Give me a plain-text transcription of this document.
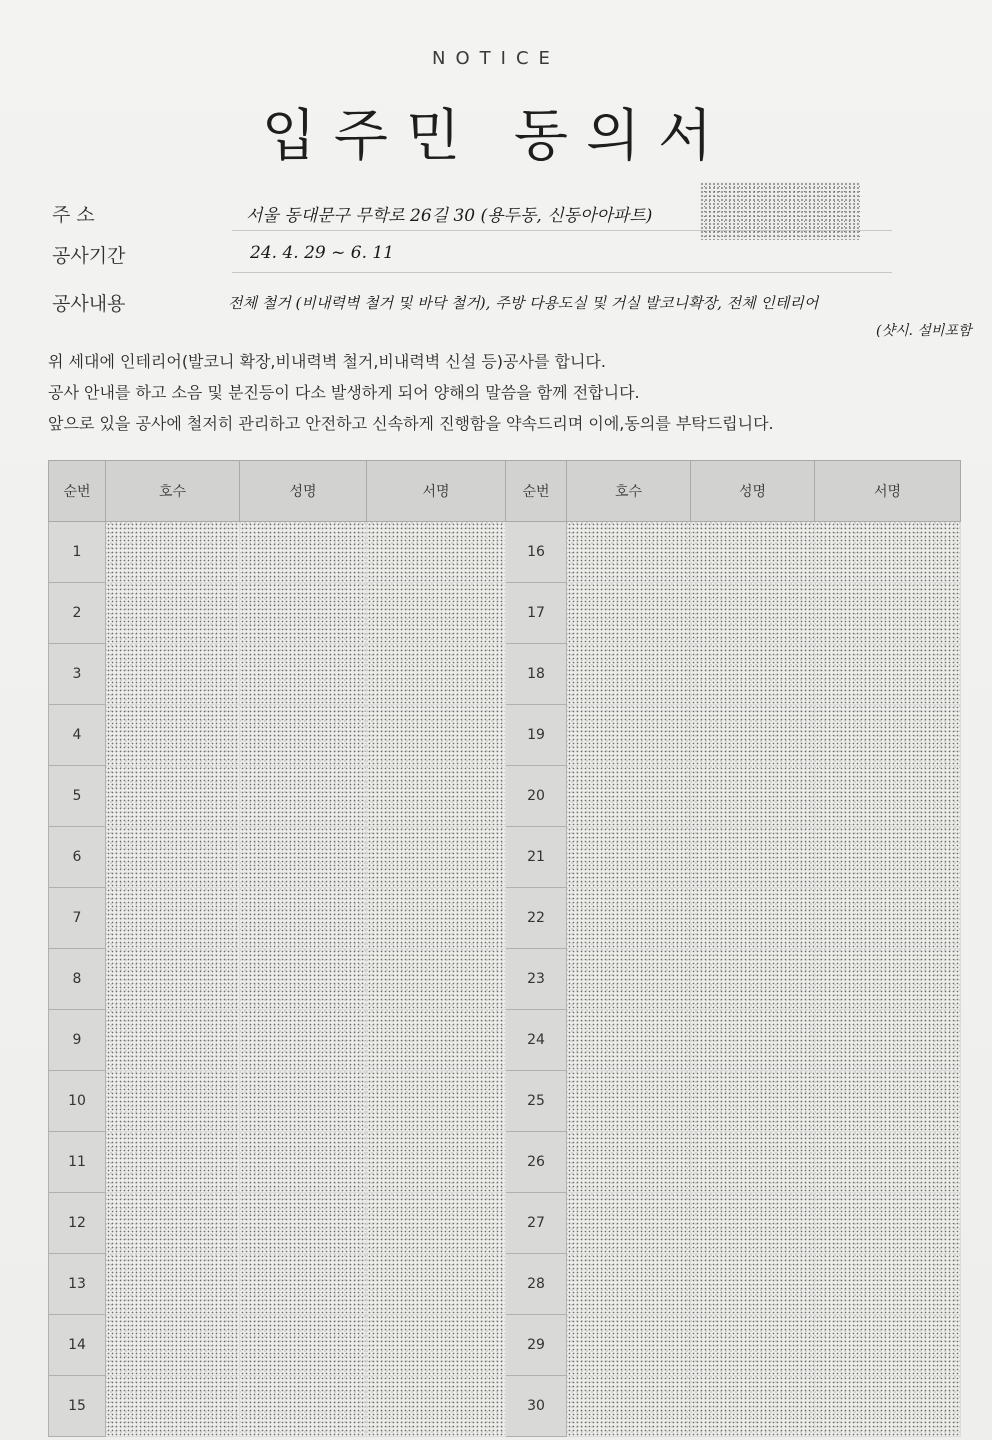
NOTICE
입주민 동의서
주 소	서울 동대문구 무학로 26길 30 (용두동, 신동아아파트)
공사기간	24. 4. 29 ~ 6. 11
공사내용	전체 철거 (비내력벽 철거 및 바닥 철거), 주방 다용도실 및 거실 발코니확장, 전체 인테리어
(샷시. 설비포함
위 세대에 인테리어(발코니 확장,비내력벽 철거,비내력벽 신설 등)공사를 합니다.
공사 안내를 하고 소음 및 분진등이 다소 발생하게 되어 양해의 말씀을 함께 전합니다.
앞으로 있을 공사에 철저히 관리하고 안전하고 신속하게 진행함을 약속드리며 이에,동의를 부탁드립니다.
순번	호수	성명	서명	순번	호수	성명	서명
1				16			
2				17			
3				18			
4				19			
5				20			
6				21			
7				22			
8				23			
9				24			
10				25			
11				26			
12				27			
13				28			
14				29			
15				30			
